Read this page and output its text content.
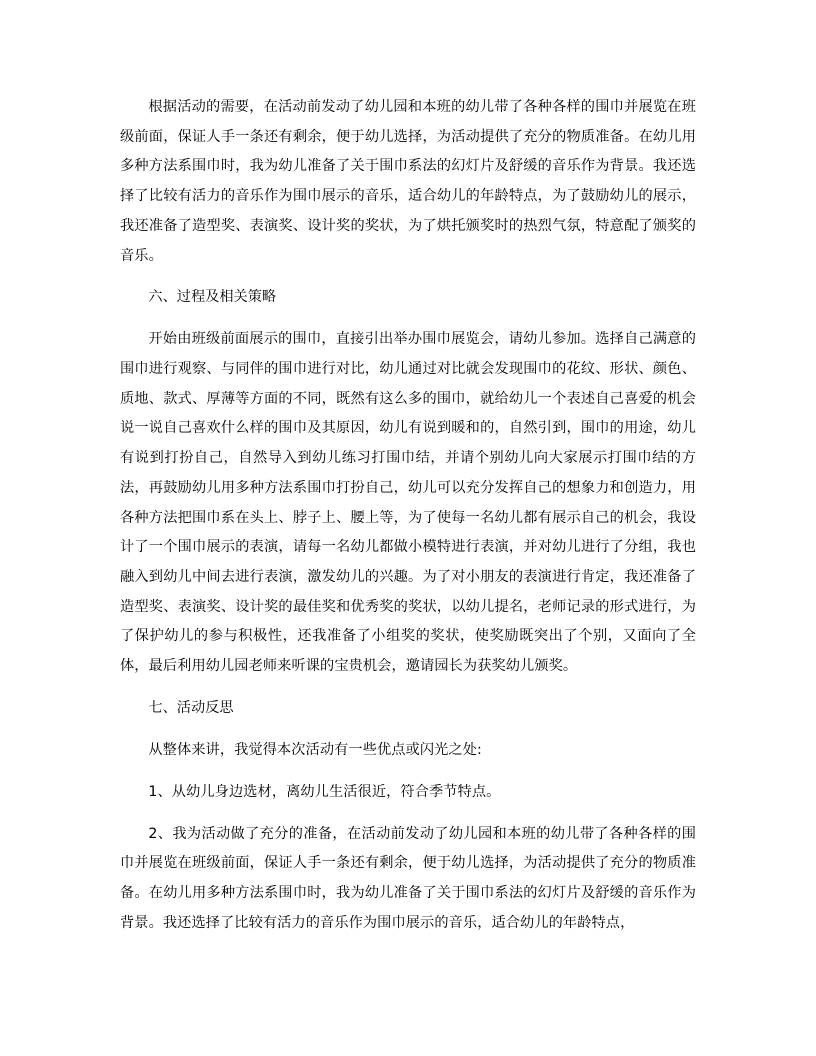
根据活动的需要，在活动前发动了幼儿园和本班的幼儿带了各种各样的围巾并展览在班级前面，保证人手一条还有剩余，便于幼儿选择，为活动提供了充分的物质准备。在幼儿用多种方法系围巾时，我为幼儿准备了关于围巾系法的幻灯片及舒缓的音乐作为背景。我还选择了比较有活力的音乐作为围巾展示的音乐，适合幼儿的年龄特点，为了鼓励幼儿的展示，我还准备了造型奖、表演奖、设计奖的奖状，为了烘托颁奖时的热烈气氛，特意配了颁奖的音乐。

六、过程及相关策略

开始由班级前面展示的围巾，直接引出举办围巾展览会，请幼儿参加。选择自己满意的围巾进行观察、与同伴的围巾进行对比，幼儿通过对比就会发现围巾的花纹、形状、颜色、质地、款式、厚薄等方面的不同，既然有这么多的围巾，就给幼儿一个表述自己喜爱的机会说一说自己喜欢什么样的围巾及其原因，幼儿有说到暖和的，自然引到，围巾的用途，幼儿有说到打扮自己，自然导入到幼儿练习打围巾结，并请个别幼儿向大家展示打围巾结的方法，再鼓励幼儿用多种方法系围巾打扮自己，幼儿可以充分发挥自己的想象力和创造力，用各种方法把围巾系在头上、脖子上、腰上等，为了使每一名幼儿都有展示自己的机会，我设计了一个围巾展示的表演，请每一名幼儿都做小模特进行表演，并对幼儿进行了分组，我也融入到幼儿中间去进行表演，激发幼儿的兴趣。为了对小朋友的表演进行肯定，我还准备了造型奖、表演奖、设计奖的最佳奖和优秀奖的奖状，以幼儿提名，老师记录的形式进行，为了保护幼儿的参与积极性，还我准备了小组奖的奖状，使奖励既突出了个别，又面向了全体，最后利用幼儿园老师来听课的宝贵机会，邀请园长为获奖幼儿颁奖。

七、活动反思

从整体来讲，我觉得本次活动有一些优点或闪光之处:

1、从幼儿身边选材，离幼儿生活很近，符合季节特点。

2、我为活动做了充分的准备，在活动前发动了幼儿园和本班的幼儿带了各种各样的围巾并展览在班级前面，保证人手一条还有剩余，便于幼儿选择，为活动提供了充分的物质准备。在幼儿用多种方法系围巾时，我为幼儿准备了关于围巾系法的幻灯片及舒缓的音乐作为背景。我还选择了比较有活力的音乐作为围巾展示的音乐，适合幼儿的年龄特点，
